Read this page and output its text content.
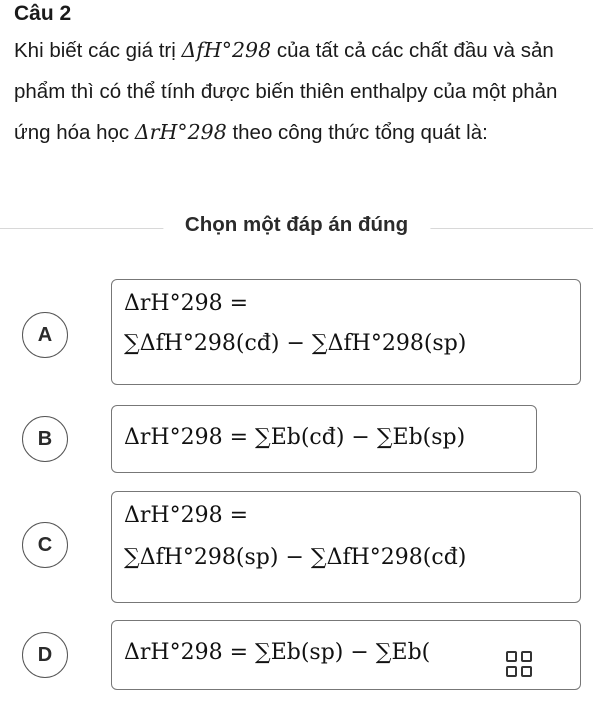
Câu 2
Khi biết các giá trị ΔfH°298 của tất cả các chất đầu và sản phẩm thì có thể tính được biến thiên enthalpy của một phản ứng hóa học ΔrH°298 theo công thức tổng quát là:
Chọn một đáp án đúng
A
ΔrH°298 =
∑ΔfH°298(cđ) − ∑ΔfH°298(sp)
B	ΔrH°298 = ∑Eb(cđ) − ∑Eb(sp)
C
ΔrH°298 =
∑ΔfH°298(sp) − ∑ΔfH°298(cđ)
D	ΔrH°298 = ∑Eb(sp) − ∑Eb(
